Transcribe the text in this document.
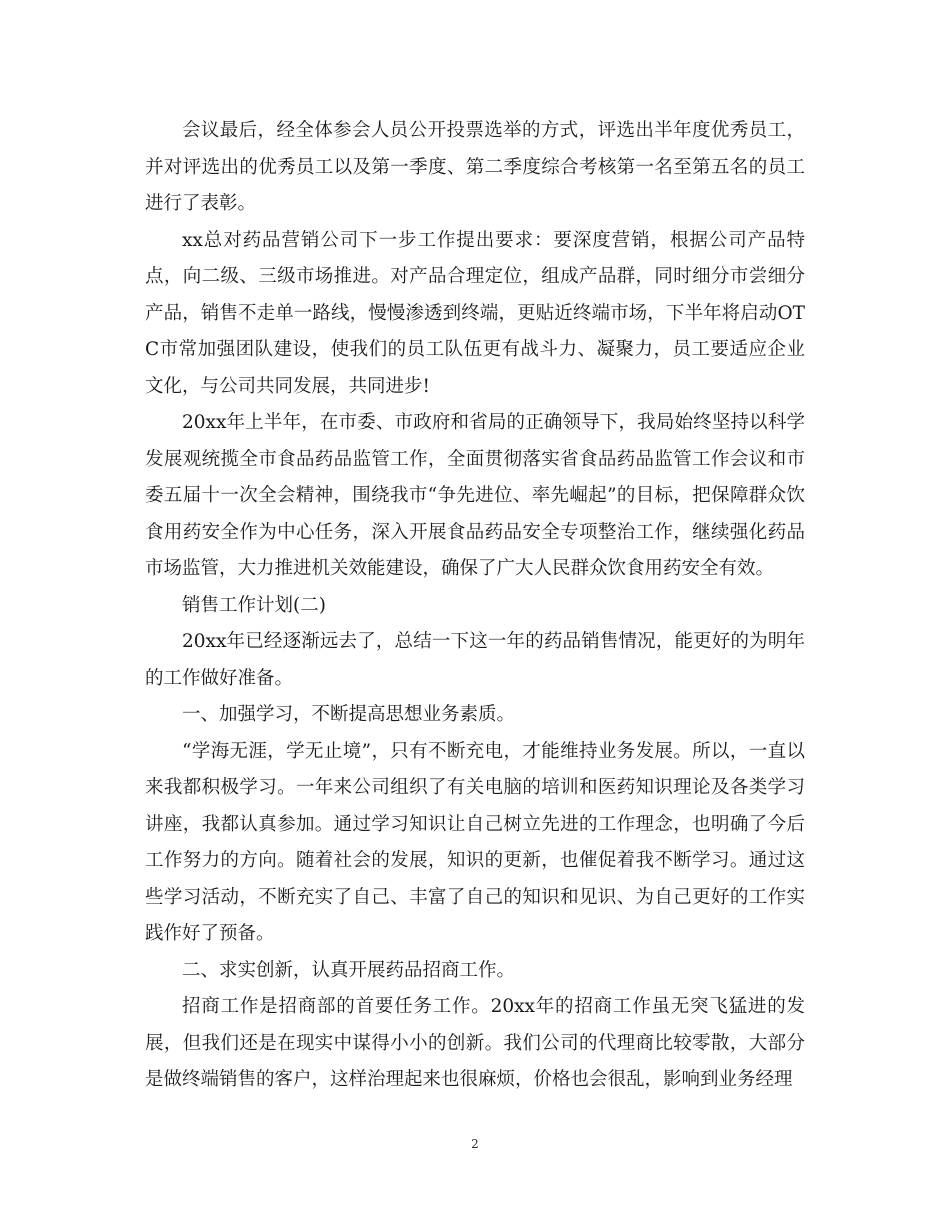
会议最后，经全体参会人员公开投票选举的方式，评选出半年度优秀员工，并对评选出的优秀员工以及第一季度、第二季度综合考核第一名至第五名的员工进行了表彰。

xx总对药品营销公司下一步工作提出要求：要深度营销，根据公司产品特点，向二级、三级市场推进。对产品合理定位，组成产品群，同时细分市尝细分产品，销售不走单一路线，慢慢渗透到终端，更贴近终端市场，下半年将启动OTC市常加强团队建设，使我们的员工队伍更有战斗力、凝聚力，员工要适应企业文化，与公司共同发展，共同进步!

20xx年上半年，在市委、市政府和省局的正确领导下，我局始终坚持以科学发展观统揽全市食品药品监管工作，全面贯彻落实省食品药品监管工作会议和市委五届十一次全会精神，围绕我市“争先进位、率先崛起”的目标，把保障群众饮食用药安全作为中心任务，深入开展食品药品安全专项整治工作，继续强化药品市场监管，大力推进机关效能建设，确保了广大人民群众饮食用药安全有效。

销售工作计划(二)

20xx年已经逐渐远去了，总结一下这一年的药品销售情况，能更好的为明年的工作做好准备。

一、加强学习，不断提高思想业务素质。

“学海无涯，学无止境”，只有不断充电，才能维持业务发展。所以，一直以来我都积极学习。一年来公司组织了有关电脑的培训和医药知识理论及各类学习讲座，我都认真参加。通过学习知识让自己树立先进的工作理念，也明确了今后工作努力的方向。随着社会的发展，知识的更新，也催促着我不断学习。通过这些学习活动，不断充实了自己、丰富了自己的知识和见识、为自己更好的工作实践作好了预备。

二、求实创新，认真开展药品招商工作。

招商工作是招商部的首要任务工作。20xx年的招商工作虽无突飞猛进的发展，但我们还是在现实中谋得小小的创新。我们公司的代理商比较零散，大部分是做终端销售的客户，这样治理起来也很麻烦，价格也会很乱，影响到业务经理

2
